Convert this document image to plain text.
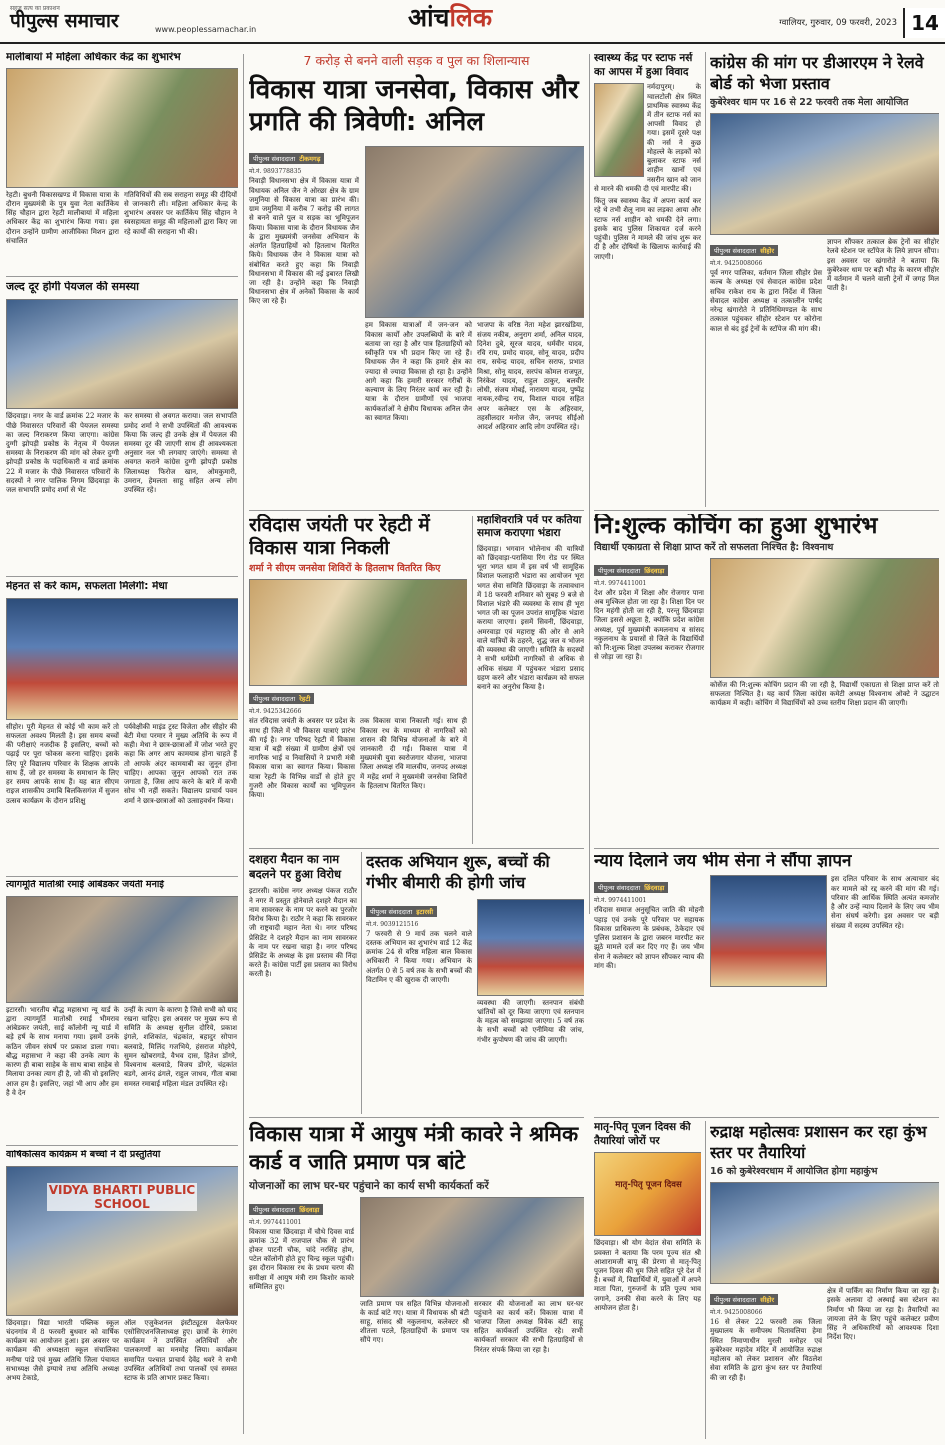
सहज सत्य का प्रकाशन
पीपुल्स समाचार	www.peoplessamachar.in	आंचलिक	ग्वालियर, गुरुवार, 09 फरवरी, 2023 14
मालीबायां में महिला अधिकार केंद्र का शुभारंभ
रेहटी। बुधनी विकासखण्ड में विकास यात्रा के दौरान मुख्यमंत्री के पुत्र युवा नेता कार्तिकेय सिंह चौहान द्वारा रेहटी मालीबायां में महिला अधिकार केंद्र का शुभारंभ किया गया। इस दौरान उन्होंने ग्रामीण आजीविका मिशन द्वारा संचालित
गतिविधियों की सब सराहना समूह की दीदियों से जानकारी ली। महिला अधिकार केन्द्र के शुभारंभ अवसर पर कार्तिकेय सिंह चौहान ने स्वसहायता समूह की महिलाओं द्वारा किए जा रहे कार्यों की सराहना भी की।
जल्द दूर होगी पेयजल की समस्या
छिंदवाड़ा। नगर के वार्ड क्रमांक 22 मजार के पीछे निवासरत परिवारों की पेयजल समस्या का जल्द निराकरण किया जाएगा। कांग्रेस दुग्गी झोपड़ी प्रकोष्ठ के नेतृत्व में पेयजल समस्या के निराकरण की मांग को लेकर दुग्गी झोपड़ी प्रकोष्ठ के पदाधिकारी व वार्ड क्रमांक 22 में मजार के पीछे निवासरत परिवारों के सदस्यों ने नगर पालिक निगम छिंदवाड़ा के जल सभापति प्रमोद शर्मा से भेंट
कर समस्या से अवगत कराया। जल सभापति प्रमोद शर्मा ने सभी उपस्थितों की आवश्यक किया कि जल्द ही उनके क्षेत्र में पेयजल की समस्या दूर की जाएगी साथ ही आवश्यकता अनुसार नल भी लगवाए जाएंगे। समस्या से अवगत कराने कांग्रेस दुग्गी झोपड़ी प्रकोष्ठ जिलाध्यक्ष फिरोज खान, ओमकुमारी, उमरान, हेमलता साहू सहित अन्य लोग उपस्थित रहे।
मेहनत से करें काम, सफलता मिलेगी: मेधा
सीहोर। पूरी मेहनत से कोई भी काम करें तो सफलता अवश्य मिलती है। इस समय बच्चों की परीक्षाएं नजदीक हैं इसलिए, बच्चों को पढ़ाई पर पूरा फोकस करना चाहिए। इसके लिए पूरे विद्यालय परिवार के शिक्षक आपके साथ हैं, जो हर समस्या के समाधान के लिए हर समय आपके साथ हैं। यह बात सीएम राइज शासकीय उमाबि बिलकिसगंज में सुजन उत्सव कार्यक्रम के दौरान प्रशिक्षु
पर्यवेक्षीकी माइंड ट्रस्ट विजेता और सीहोर की बेटी मेधा परमार ने मुख्य अतिथि के रूप में कही। मेधा ने छात्र-छात्राओं में जोश भरते हुए कहा कि अगर आप कामयाब होना चाहते हैं तो आपके अंदर कामयाबी का जुनून होना चाहिए। आपका जुनून आपको रात तक जगाता है, जिस आप करने के बारे में कभी सोच भी नहीं सकते। विद्यालय प्राचार्य पवन शर्मा ने छात्र-छात्राओं को उत्साहवर्धन किया।
त्यागमूर्ति मातोश्री रमाई आंबेडकर जयंती मनाई
इटारसी। भारतीय बौद्ध महासभा न्यू यार्ड के द्वारा त्यागमूर्ति मातोश्री रमाई भीमराव आंबेडकर जयंती, साई कॉलोनी न्यू यार्ड में बड़े हर्ष के साथ मनाया गया। इसमें उनके कठिन जीवन संघर्ष पर प्रकाश डाला गया। बौद्ध महासभा ने कहा की उनके त्याग के कारण ही बाबा साहेब के साथ बाबा साहेब से मिलाया उनका त्याग ही है, जो की वो इसलिए आज हम है। इसलिए, जहां भी आप और हम है वे देन
उन्हीं के त्याग के कारण है जिसे सभी को याद रखना चाहिए। इस अवसर पर मुख्य रूप से समिति के अध्यक्ष सुनील दोरिये, प्रकाश इंगले, शशिकांत, चंद्रकांत, बहादुर सोपान बलवाडे, मिलिंद गजभिये, हंसराज मोहरेपे, सुमन खोबरागडे, वैभव दास, हितेश डोंगरे, विश्वनाथ बलवाडे, विजय डोंगरे, चंद्रकांत बडगे, आनंद ढंगले, राहुल जाधव, गीता बाबा समस्त रमाबाई महिला मंडल उपस्थित रहे।
वार्षिकोत्सव कार्यक्रम में बच्चों ने दी प्रस्तुतियां
VIDYA BHARTI PUBLIC SCHOOL
छिंदवाड़ा। विद्या भारती पब्लिक स्कूल चंदनगांव में 8 फरवरी बुधवार को वार्षिक कार्यक्रम का आयोजन हुआ। इस अवसर पर कार्यक्रम की अध्यक्षता स्कूल संचालिका मनीषा पांडे एवं मुख्य अतिथि जिला पंचायत सभाध्यक्ष जैसे इग्याथे तथा अतिथि अध्यक्ष अभय टेकाडे,
ऑल एजुकेशनल इंस्टीट्यूटस वेलफेयर एसोसिएशनजिलाध्यक्ष हुए। छात्रों के रंगारंग कार्यक्रम ने उपस्थित अतिथियों और पालकगणों का मनमोह लिया। कार्यक्रम समापित पश्चात प्राचार्य देवेंद्र थवरे ने सभी उपस्थित अतिथियों तथा पालकों एवं समस्त स्टाफ के प्रति आभार प्रकट किया।
7 करोड़ से बनने वाली सड़क व पुल का शिलान्यास
विकास यात्रा जनसेवा, विकास और प्रगति की त्रिवेणी: अनिल
पीपुल्स संवाददाता टीकमगढ़
मो.नं. 9893778835
निवाड़ी विधानसभा क्षेत्र में विकास यात्रा में विधायक अनिल जैन ने ओरछा क्षेत्र के ग्राम जमुनिया से विकास यात्रा का प्रारंभ की। ग्राम जमुनिया में करीब 7 करोड़ की लागत से बनने वाले पुल व सड़क का भूमिपूजन किया। विकास यात्रा के दौरान विधायक जैन के द्वारा मुख्यमंत्री जनसेवा अभियान के अंतर्गत हितग्राहियों को हितलाभ वितरित किये। विधायक जैन ने विकास यात्रा को संबोधित करते हुए कहा कि निवाड़ी विधानसभा में विकास की नई इबारत लिखी जा रही है। उन्होंने कहा कि निवाड़ी विधानसभा क्षेत्र में अनेकों विकास के कार्य किए जा रहे हैं।
हम विकास यात्राओं में जन-जन को विकास कार्यों और उपलब्धियों के बारे में बताया जा रहा है और पात्र हितग्राहियों को स्वीकृति पत्र भी प्रदान किए जा रहे हैं। विधायक जैन ने कहा कि हमारे क्षेत्र का ज्यादा से ज्यादा विकास हो रहा है। उन्होंने आगे कहा कि हमारी सरकार गरीबों के कल्याण के लिए निरंतर कार्य कर रही है। यात्रा के दौरान ग्रामीणों एवं भाजपा कार्यकर्ताओं ने क्षेत्रीय विधायक अनिल जैन का स्वागत किया।
भाजपा के वरिष्ठ नेता महेश झारखंडिया, संजय नकीब, अनुराग शर्मा, अनिल यादव, दिनेश दुबे, सूरज यादव, धर्मवीर यादव, रवि राय, प्रमोद यादव, सोनू यादव, प्रदीप राय, सचेन्द्र यादव, सचिन सराफ, प्रभात मिश्रा, सोनू यादव, सरपंच कोमल राजपूत, निरंकेश यादव, राहुल ठाकुर, बलवीर लोधी, संजय मोबई, नारायण यादव, पुष्पेंद्र नायक,रवीन्द्र राय, विशाल यादव सहित अपर कलेक्टर एस के अहिरवार, तहसीलदार मनोज जैन, जनपद सीईओ आदर्श अहिरवार आदि लोग उपस्थित रहे।
रविदास जयंती पर रेहटी में विकास यात्रा निकली
शर्मा ने सीएम जनसेवा शिविरों के हितलाभ वितरित किए
पीपुल्स संवाददाता रेहटी
मो.नं. 9425342666
संत रविदास जयंती के अवसर पर प्रदेश के साथ ही जिले में भी विकास यात्राएं प्रारंभ की गई है। नगर परिषद रेहटी में विकास यात्रा में बड़ी संख्या में ग्रामीण क्षेत्रों एवं नागरिक भाई व निवासियों ने प्रभारी मंत्री विकास यात्रा का स्वागत किया। विकास यात्रा रेहटी के विभिन्न वार्डों से होते हुए गुजरी और विकास कार्यों का भूमिपूजन किया।
तक विकास यात्रा निकाली गई। साथ ही विकास रथ के माध्यम से नागरिकों को शासन की विभिन्न योजनाओं के बारे में जानकारी दी गई। विकास यात्रा में मुख्यमंत्री युवा स्वरोजगार योजना, भाजपा जिला अध्यक्ष रवि मालवीय, जनपद अध्यक्ष में महेंद्र शर्मा ने मुख्यमंत्री जनसेवा शिविरों के हितलाभ वितरित किए।
महाशिवरात्रि पर्व पर कतिया समाज कराएगा भंडारा
छिंदवाड़ा। भगवान भोलेनाथ की यात्रियों को छिंदवाड़ा-परासिया रिंग रोड पर स्थित भूरा भगत धाम में इस वर्ष भी सामूहिक विशाल फलाहारी भंडारा का आयोजन भूरा भगत सेवा समिति छिंदवाड़ा के तत्वावधान में 18 फरवरी शनिवार को सुबह 9 बजे से विशाल भंडारे की व्यवस्था के साथ ही भूरा भगत जी का पूजन उपरांत सामूहिक भंडारा कराया जाएगा। इसमें सिवनी, छिंदवाड़ा, अमरवाड़ा एवं महाराष्ट्र की ओर से आने वाले यात्रियों के ठहरने, शुद्ध जल व भोजन की व्यवस्था की जाएगी। समिति के सदस्यों ने सभी धर्मप्रेमी नागरिकों से अधिक से अधिक संख्या में पहुंचकर भंडारा प्रसाद ग्रहण करने और भंडारा कार्यक्रम को सफल बनाने का अनुरोध किया है।
दशहरा मैदान का नाम बदलने पर हुआ विरोध
इटारसी। कांग्रेस नगर अध्यक्ष पंकज राठौर ने नगर में प्रस्तुत होनेवाले दशहरे मैदान का नाम सावरकर के नाम पर करने का पुरजोर विरोध किया है। राठौर ने कहा कि सावरकर जी राष्ट्रवादी महान नेता थे। नगर परिषद प्रेसिडेंट ने दशहरे मैदान का नाम सावरकर के नाम पर रखना चाहा है। नगर परिषद प्रेसिडेंट के अध्यक्ष के इस प्रस्ताव की निंदा करते हैं। कांग्रेस पार्टी इस प्रस्ताव का विरोध करती है।
दस्तक अभियान शुरू, बच्चों की गंभीर बीमारी की होगी जांच
पीपुल्स संवाददाता इटारसी
मो.नं. 9039121516
7 फरवरी से 9 मार्च तक चलने वाले दस्तक अभियान का शुभारंभ वार्ड 12 केंद्र क्रमांक 24 से वरिष्ठ महिला बाल विकास अधिकारी ने किया गया। अभियान के अंतर्गत 0 से 5 वर्ष तक के सभी बच्चों की विटामिन ए की खुराक दी जाएगी।
व्यवस्था की जाएगी। स्तनपान संबंधी भ्रांतियों को दूर किया जाएगा एवं स्तनपान के महत्व को समझाया जाएगा। 5 वर्ष तक के सभी बच्चों को एनीमिया की जांच, गंभीर कुपोषण की जांच की जाएगी।
विकास यात्रा में आयुष मंत्री कावरे ने श्रमिक कार्ड व जाति प्रमाण पत्र बांटे
योजनाओं का लाभ घर-घर पहुंचाने का कार्य सभी कार्यकर्ता करें
पीपुल्स संवाददाता छिंदवाड़ा
मो.नं. 9974411001
विकास यात्रा छिंदवाड़ा में चौथे दिवस वार्ड क्रमांक 32 में राजपाल चौक से प्रारंभ होकर पाटनी चौक, चांदे नरसिंह होम, पटेल कॉलोनी होते हुए चिन्द्र स्कूल पहुंची। इस दौरान विकास रथ के प्रथम चरण की समीक्षा में आयुष मंत्री राम किशोर कावरे सम्मिलित हुए।
जाति प्रमाण पत्र सहित विभिन्न योजनाओं के कार्ड बांटे गए। यात्रा में विधायक श्री बंटी साहू, सांसद श्री नकुलनाथ, कलेक्टर श्री शीतला पटले, हितग्राहियों के प्रमाण पत्र सौंपे गए।
सरकार की योजनाओं का लाभ घर-घर पहुंचाने का कार्य करें। विकास यात्रा में भाजपा जिला अध्यक्ष विवेक बंटी साहू सहित कार्यकर्ता उपस्थित रहे। सभी कार्यकर्ता सरकार की सभी हितग्राहियों से निरंतर संपर्क किया जा रहा है।
स्वास्थ्य केंद्र पर स्टाफ नर्स का आपस में हुआ विवाद
नर्मदापुरम्। के ग्वालटोली क्षेत्र स्थित प्राथमिक स्वास्थ्य केंद्र में तीन स्टाफ नर्स का आपसी विवाद हो गया। इसमें दूसरे पक्ष की नर्स ने कुछ मोहल्ले के लड़कों को बुलाकर स्टाफ नर्स शाहीन खानों एवं नसरीन खान को जान से मारने की धमकी दी एवं मारपीट की।
किंतु जब स्वास्थ्य केंद्र में अपना कार्य कर रहे थे तभी शैलू नाम का लड़का आया और स्टाफ नर्स शाहीन को धमकी देने लगा। इसके बाद पुलिस शिकायत दर्ज करने पहुंची। पुलिस ने मामले की जांच शुरू कर दी है और दोषियों के खिलाफ कार्रवाई की जाएगी।
कांग्रेस की मांग पर डीआरएम ने रेलवे बोर्ड को भेजा प्रस्ताव
कुबेरेश्वर धाम पर 16 से 22 फरवरी तक मेला आयोजित
पीपुल्स संवाददाता सीहोर
मो.नं. 9425008066
पूर्व नगर पालिका, वर्तमान जिला सीहोर प्रेस कल्ब के अध्यक्ष एवं सेवादल कांग्रेस प्रदेश सचिव राकेश राय के द्वारा निर्देश में जिला सेवादल कांग्रेस अध्यक्ष व तत्कालीन पार्षद नरेन्द्र खंगारोते ने प्रतिनिधिमण्डल के साथ तत्काल पहुंचकर सीहोर स्टेशन पर कोरोना काल से बंद हुई ट्रेनों के स्टॉपेज की मांग की।
ज्ञापन सौंपकर तत्काल ब्रेक ट्रेनों का सीहोर रेलवे स्टेशन पर स्टॉपेज के लिये ज्ञापन सौंपा। इस अवसर पर खंगारोते ने बताया कि कुबेरेश्वर धाम पर बड़ी भीड़ के कारण सीहोर में वर्तमान में चलने वाली ट्रेनों में जगह मिल पाती है।
नि:शुल्क कोचिंग का हुआ शुभारंभ
विद्यार्थी एकाग्रता से शिक्षा प्राप्त करें तो सफलता निश्चित है: विश्वनाथ
पीपुल्स संवाददाता छिंदवाड़ा
मो.नं. 9974411001
देश और प्रदेश में शिक्षा और रोजगार पाना अब मुश्किल होता जा रहा है। शिक्षा दिन पर दिन महंगी होती जा रही है, परन्तु छिंदवाड़ा जिला इससे अछूता है, क्योंकि प्रदेश कांग्रेस अध्यक्ष, पूर्व मुख्यमंत्री कमलनाथ व सांसद नकुलनाथ के प्रयासों से जिले के विद्यार्थियों को नि:शुल्क शिक्षा उपलब्ध कराकर रोजगार से जोड़ा जा रहा है।
कोर्सेज की नि:शुल्क कोचिंग प्रदान की जा रही है, विद्यार्थी एकाग्रता से शिक्षा प्राप्त करें तो सफलता निश्चित है। यह कार्य जिला कांग्रेस कमेटी अध्यक्ष विश्वनाथ ओक्टे ने उद्घाटन कार्यक्रम में कही। कोचिंग में विद्यार्थियों को उच्च स्तरीय शिक्षा प्रदान की जाएगी।
न्याय दिलाने जय भीम सेना ने सौंपा ज्ञापन
पीपुल्स संवाददाता छिंदवाड़ा
मो.नं. 9974411001
रविदास समाज अनुसूचित जाति की मोहनी पहाड़ एवं उनके पूरे परिवार पर सहायक विकास प्राधिकरण के प्रबंधक, ठेकेदार एवं पुलिस प्रशासन के द्वारा जबरन मारपीट कर झूठे मामले दर्ज कर दिए गए हैं। जय भीम सेना ने कलेक्टर को ज्ञापन सौंपकर न्याय की मांग की।
इस दलित परिवार के साथ अत्याचार बंद कर मामले को रद्द करने की मांग की गई। परिवार की आर्थिक स्थिति अत्यंत कमजोर है और उन्हें न्याय दिलाने के लिए जय भीम सेना संघर्ष करेगी। इस अवसर पर बड़ी संख्या में सदस्य उपस्थित रहे।
मातृ-पितृ पूजन दिवस की तैयारियां जोरों पर
मातृ-पितृ पूजन दिवस
छिंदवाड़ा। श्री योग वेदांत सेवा समिति के प्रवक्ता ने बताया कि परम पूज्य संत श्री आशारामजी बापू की प्रेरणा से मातृ-पितृ पूजन दिवस की धूम जिले सहित पूरे देश में है। बच्चों में, विद्यार्थियों में, युवाओं में अपने माता पिता, गुरुजनों के प्रति पूज्य भाव जगाने, उनकी सेवा करने के लिए यह आयोजन होता है।
रुद्राक्ष महोत्सवः प्रशासन कर रहा कुंभ स्तर पर तैयारियां
16 को कुबेरेश्वरधाम में आयोजित होगा महाकुंभ
पीपुल्स संवाददाता सीहोर
मो.नं. 9425008066
16 से लेकर 22 फरवरी तक जिला मुख्यालय के समीपस्थ चितावलिया हेमा स्थित निमाणाधीन मुरली मनोहर एवं कुबेरेश्वर महादेव मंदिर में आयोजित रुद्राक्ष महोत्सव को लेकर प्रशासन और विठलेश सेवा समिति के द्वारा कुंभ स्तर पर तैयारियां की जा रही हैं।
क्षेत्र में पार्किंग का निर्माण किया जा रहा है। इसके अलावा दो अस्थाई बस स्टेशन का निर्माण भी किया जा रहा है। तैयारियों का जायजा लेने के लिए पहुंचे कलेक्टर प्रवीण सिंह ने अधिकारियों को आवश्यक दिशा निर्देश दिए।
